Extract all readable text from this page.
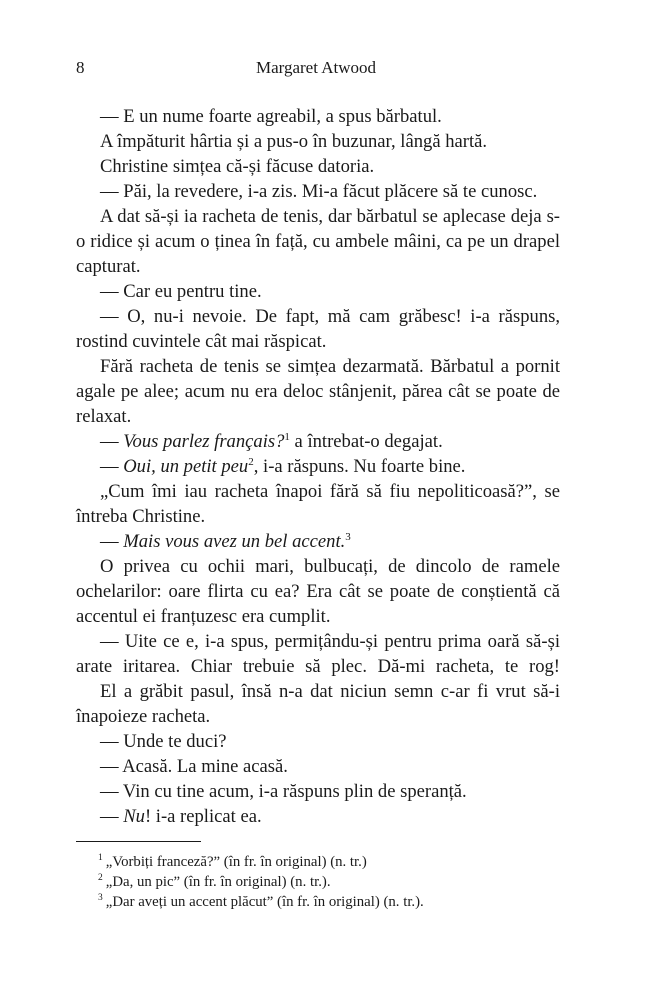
8	Margaret Atwood

— E un nume foarte agreabil, a spus bărbatul.

A împăturit hârtia și a pus-o în buzunar, lângă hartă.

Christine simțea că-și făcuse datoria.

— Păi, la revedere, i-a zis. Mi-a făcut plăcere să te cunosc.

A dat să-și ia racheta de tenis, dar bărbatul se aplecase deja s-o ridice și acum o ținea în față, cu ambele mâini, ca pe un drapel capturat.

— Car eu pentru tine.

— O, nu-i nevoie. De fapt, mă cam grăbesc! i-a răspuns, rostind cuvintele cât mai răspicat.

Fără racheta de tenis se simțea dezarmată. Bărbatul a pornit agale pe alee; acum nu era deloc stânjenit, părea cât se poate de relaxat.

— Vous parlez français?$^1$ a întrebat-o degajat.

— Oui, un petit peu$^2$, i-a răspuns. Nu foarte bine.

„Cum îmi iau racheta înapoi fără să fiu nepoliticoasă?”, se întreba Christine.

— Mais vous avez un bel accent.$^3$

O privea cu ochii mari, bulbucați, de dincolo de ramele ochelarilor: oare flirta cu ea? Era cât se poate de conștientă că accentul ei franțuzesc era cumplit.

— Uite ce e, i-a spus, permițându-și pentru prima oară să-și arate iritarea. Chiar trebuie să plec. Dă-mi racheta, te rog!

El a grăbit pasul, însă n-a dat niciun semn c-ar fi vrut să-i înapoieze racheta.

— Unde te duci?

— Acasă. La mine acasă.

— Vin cu tine acum, i-a răspuns plin de speranță.

— Nu! i-a replicat ea.

$^1$ „Vorbiți franceză?” (în fr. în original) (n. tr.)

$^2$ „Da, un pic” (în fr. în original) (n. tr.).

$^3$ „Dar aveți un accent plăcut” (în fr. în original) (n. tr.).
